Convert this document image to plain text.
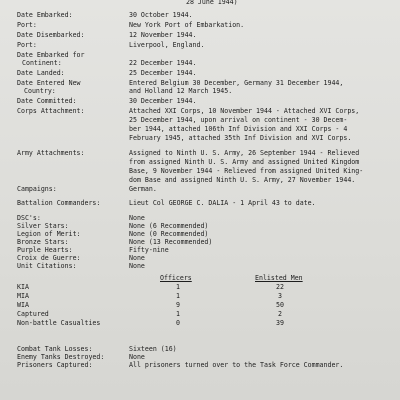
28 June 1944)
Date Embarked:	30 October 1944.
Port:	New York Port of Embarkation.
Date Disembarked:	12 November 1944.
Port:	Liverpool, England.
Date Embarked for
Continent:	22 December 1944.
Date Landed:	25 December 1944.
Date Entered New	Entered Belgium 30 December, Germany 31 December 1944,
Country:	and Holland 12 March 1945.
Date Committed:	30 December 1944.
Corps Attachment:	Attached XXI Corps, 10 November 1944 - Attached XVI Corps,
25 December 1944, upon arrival on continent - 30 Decem-
ber 1944, attached 106th Inf Division and XXI Corps - 4
February 1945, attached 35th Inf Division and XVI Corps.
Army Attachments:	Assigned to Ninth U. S. Army, 26 September 1944 - Relieved
from assigned Ninth U. S. Army and assigned United Kingdom
Base, 9 November 1944 - Relieved from assigned United King-
dom Base and assigned Ninth U. S. Army, 27 November 1944.
Campaigns:	German.
Battalion Commanders:	Lieut Col GEORGE C. DALIA - 1 April 43 to date.
DSC's:	None
Silver Stars:	None (6 Recommended)
Legion of Merit:	None (0 Recommended)
Bronze Stars:	None (13 Recommended)
Purple Hearts:	Fifty-nine
Croix de Guerre:	None
Unit Citations:	None
Officers	Enlisted Men
KIA	1	22
MIA	1	3
WIA	9	50
Captured	1	2
Non-battle Casualties	0	39
Combat Tank Losses:	Sixteen (16)
Enemy Tanks Destroyed:	None
Prisoners Captured:	All prisoners turned over to the Task Force Commander.
